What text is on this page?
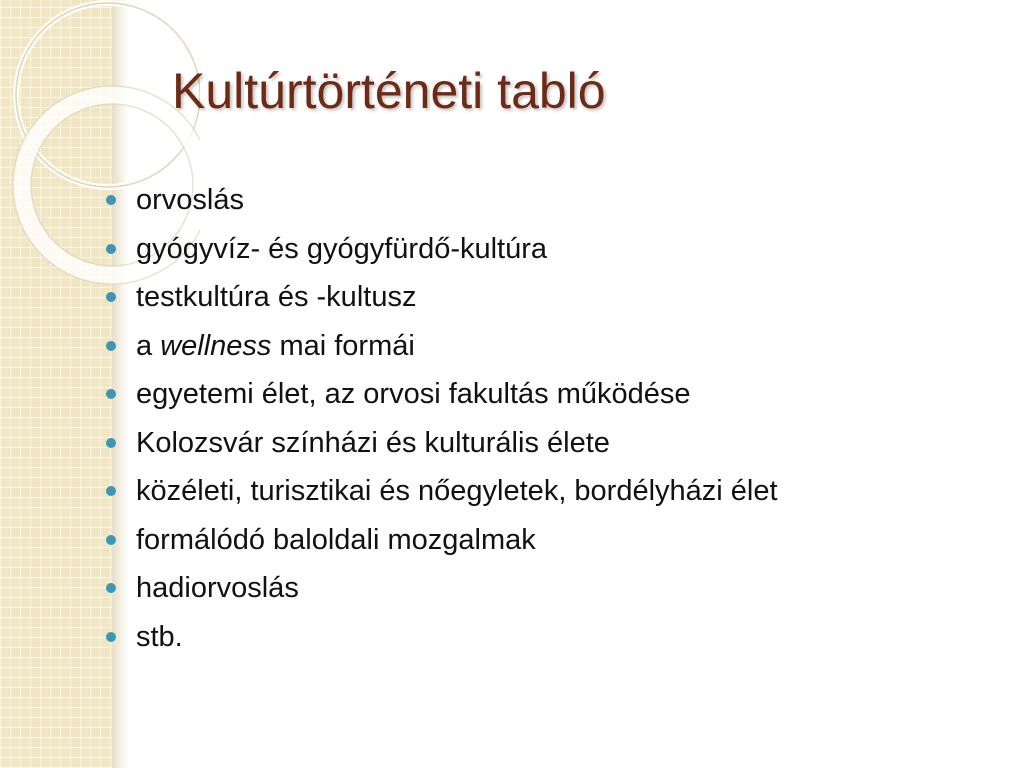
Kultúrtörténeti tabló
orvoslás
gyógyvíz- és gyógyfürdő-kultúra
testkultúra és -kultusz
a wellness mai formái
egyetemi élet, az orvosi fakultás működése
Kolozsvár színházi és kulturális élete
közéleti, turisztikai és nőegyletek, bordélyházi élet
formálódó baloldali mozgalmak
hadiorvoslás
stb.
